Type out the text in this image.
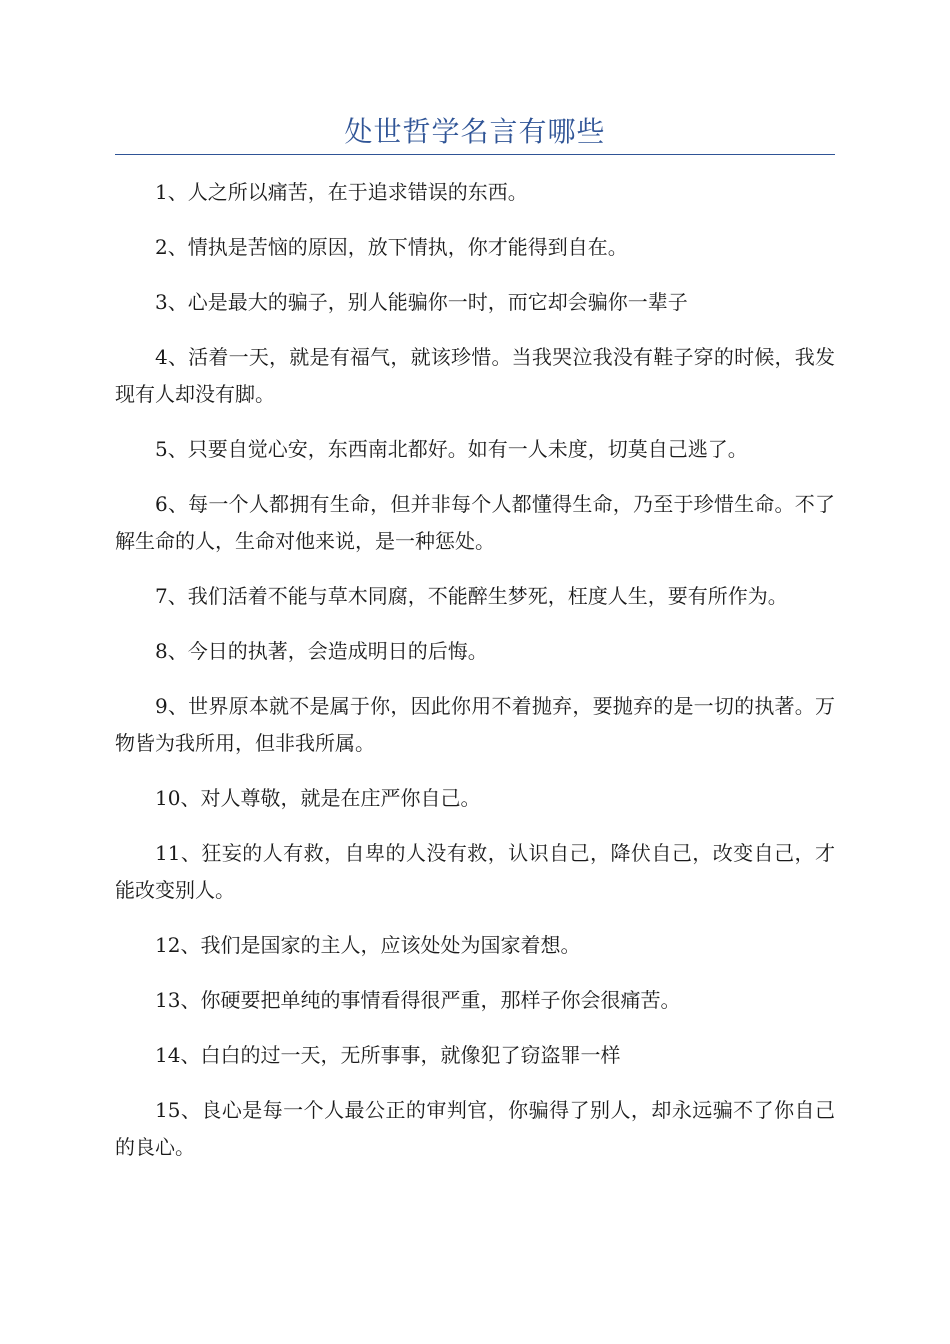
处世哲学名言有哪些

1、人之所以痛苦，在于追求错误的东西。

2、情执是苦恼的原因，放下情执，你才能得到自在。

3、心是最大的骗子，别人能骗你一时，而它却会骗你一辈子

4、活着一天，就是有福气，就该珍惜。当我哭泣我没有鞋子穿的时候，我发现有人却没有脚。

5、只要自觉心安，东西南北都好。如有一人未度，切莫自己逃了。

6、每一个人都拥有生命，但并非每个人都懂得生命，乃至于珍惜生命。不了解生命的人，生命对他来说，是一种惩处。

7、我们活着不能与草木同腐，不能醉生梦死，枉度人生，要有所作为。

8、今日的执著，会造成明日的后悔。

9、世界原本就不是属于你，因此你用不着抛弃，要抛弃的是一切的执著。万物皆为我所用，但非我所属。

10、对人尊敬，就是在庄严你自己。

11、狂妄的人有救，自卑的人没有救，认识自己，降伏自己，改变自己，才能改变别人。

12、我们是国家的主人，应该处处为国家着想。

13、你硬要把单纯的事情看得很严重，那样子你会很痛苦。

14、白白的过一天，无所事事，就像犯了窃盗罪一样

15、良心是每一个人最公正的审判官，你骗得了别人，却永远骗不了你自己的良心。
